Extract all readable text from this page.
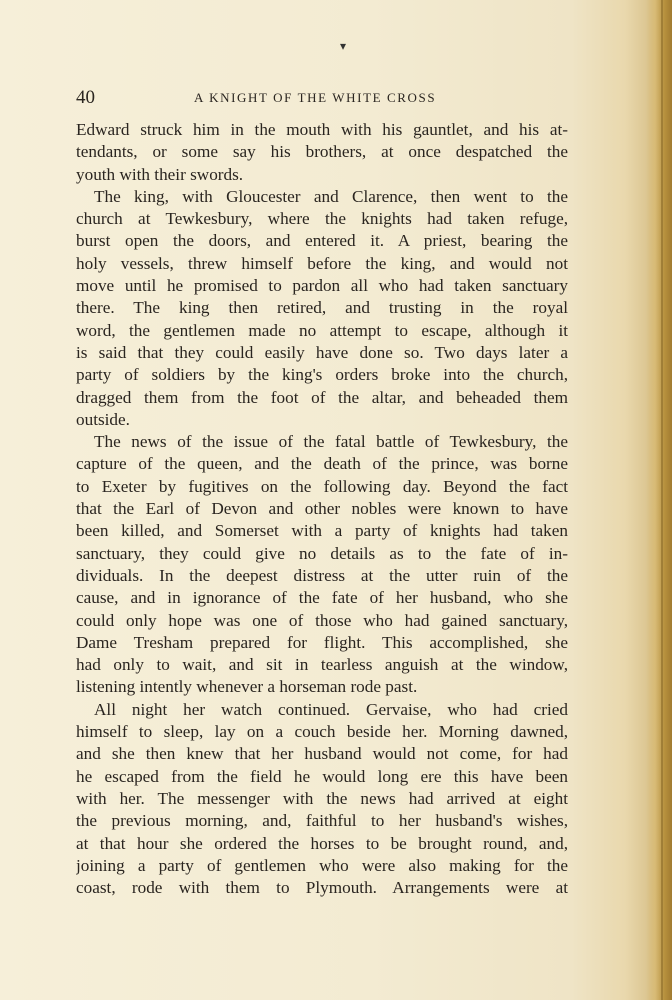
▾
40	A KNIGHT OF THE WHITE CROSS
Edward struck him in the mouth with his gauntlet, and his at-
tendants, or some say his brothers, at once despatched the
youth with their swords.
The king, with Gloucester and Clarence, then went to the
church at Tewkesbury, where the knights had taken refuge,
burst open the doors, and entered it. A priest, bearing the
holy vessels, threw himself before the king, and would not
move until he promised to pardon all who had taken sanctuary
there. The king then retired, and trusting in the royal
word, the gentlemen made no attempt to escape, although it
is said that they could easily have done so. Two days later a
party of soldiers by the king's orders broke into the church,
dragged them from the foot of the altar, and beheaded them
outside.
The news of the issue of the fatal battle of Tewkesbury, the
capture of the queen, and the death of the prince, was borne
to Exeter by fugitives on the following day. Beyond the fact
that the Earl of Devon and other nobles were known to have
been killed, and Somerset with a party of knights had taken
sanctuary, they could give no details as to the fate of in-
dividuals. In the deepest distress at the utter ruin of the
cause, and in ignorance of the fate of her husband, who she
could only hope was one of those who had gained sanctuary,
Dame Tresham prepared for flight. This accomplished, she
had only to wait, and sit in tearless anguish at the window,
listening intently whenever a horseman rode past.
All night her watch continued. Gervaise, who had cried
himself to sleep, lay on a couch beside her. Morning dawned,
and she then knew that her husband would not come, for had
he escaped from the field he would long ere this have been
with her. The messenger with the news had arrived at eight
the previous morning, and, faithful to her husband's wishes,
at that hour she ordered the horses to be brought round, and,
joining a party of gentlemen who were also making for the
coast, rode with them to Plymouth. Arrangements were at
